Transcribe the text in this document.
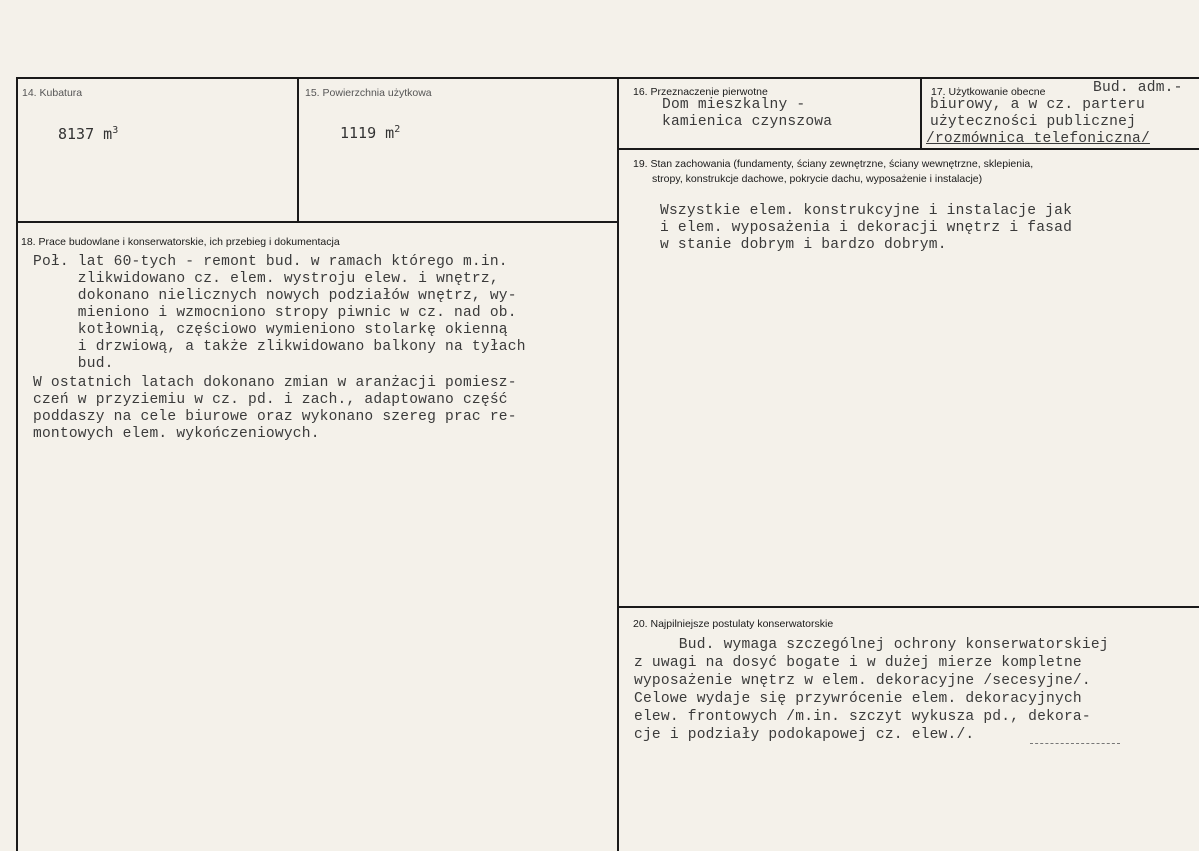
14. Kubatura
8137 $m^3$
15. Powierzchnia użytkowa
1119 $m^2$
16. Przeznaczenie pierwotne
Dom mieszkalny -
kamienica czynszowa
17. Użytkowanie obecne	Bud. adm.-
biurowy, a w cz. parteru
użyteczności publicznej
/rozmównica telefoniczna/
18. Prace budowlane i konserwatorskie, ich przebieg i dokumentacja
Poł. lat 60-tych - remont bud. w ramach którego m.in.
zlikwidowano cz. elem. wystroju elew. i wnętrz,
dokonano nielicznych nowych podziałów wnętrz, wy-
mieniono i wzmocniono stropy piwnic w cz. nad ob.
kotłownią, częściowo wymieniono stolarkę okienną
i drzwiową, a także zlikwidowano balkony na tyłach
bud.
W ostatnich latach dokonano zmian w aranżacji pomiesz-
czeń w przyziemiu w cz. pd. i zach., adaptowano część
poddaszy na cele biurowe oraz wykonano szereg prac re-
montowych elem. wykończeniowych.
19. Stan zachowania (fundamenty, ściany zewnętrzne, ściany wewnętrzne, sklepienia,
stropy, konstrukcje dachowe, pokrycie dachu, wyposażenie i instalacje)
Wszystkie elem. konstrukcyjne i instalacje jak
i elem. wyposażenia i dekoracji wnętrz i fasad
w stanie dobrym i bardzo dobrym.
20. Najpilniejsze postulaty konserwatorskie
Bud. wymaga szczególnej ochrony konserwatorskiej
z uwagi na dosyć bogate i w dużej mierze kompletne
wyposażenie wnętrz w elem. dekoracyjne /secesyjne/.
Celowe wydaje się przywrócenie elem. dekoracyjnych
elew. frontowych /m.in. szczyt wykusza pd., dekora-
cje i podziały podokapowej cz. elew./.
